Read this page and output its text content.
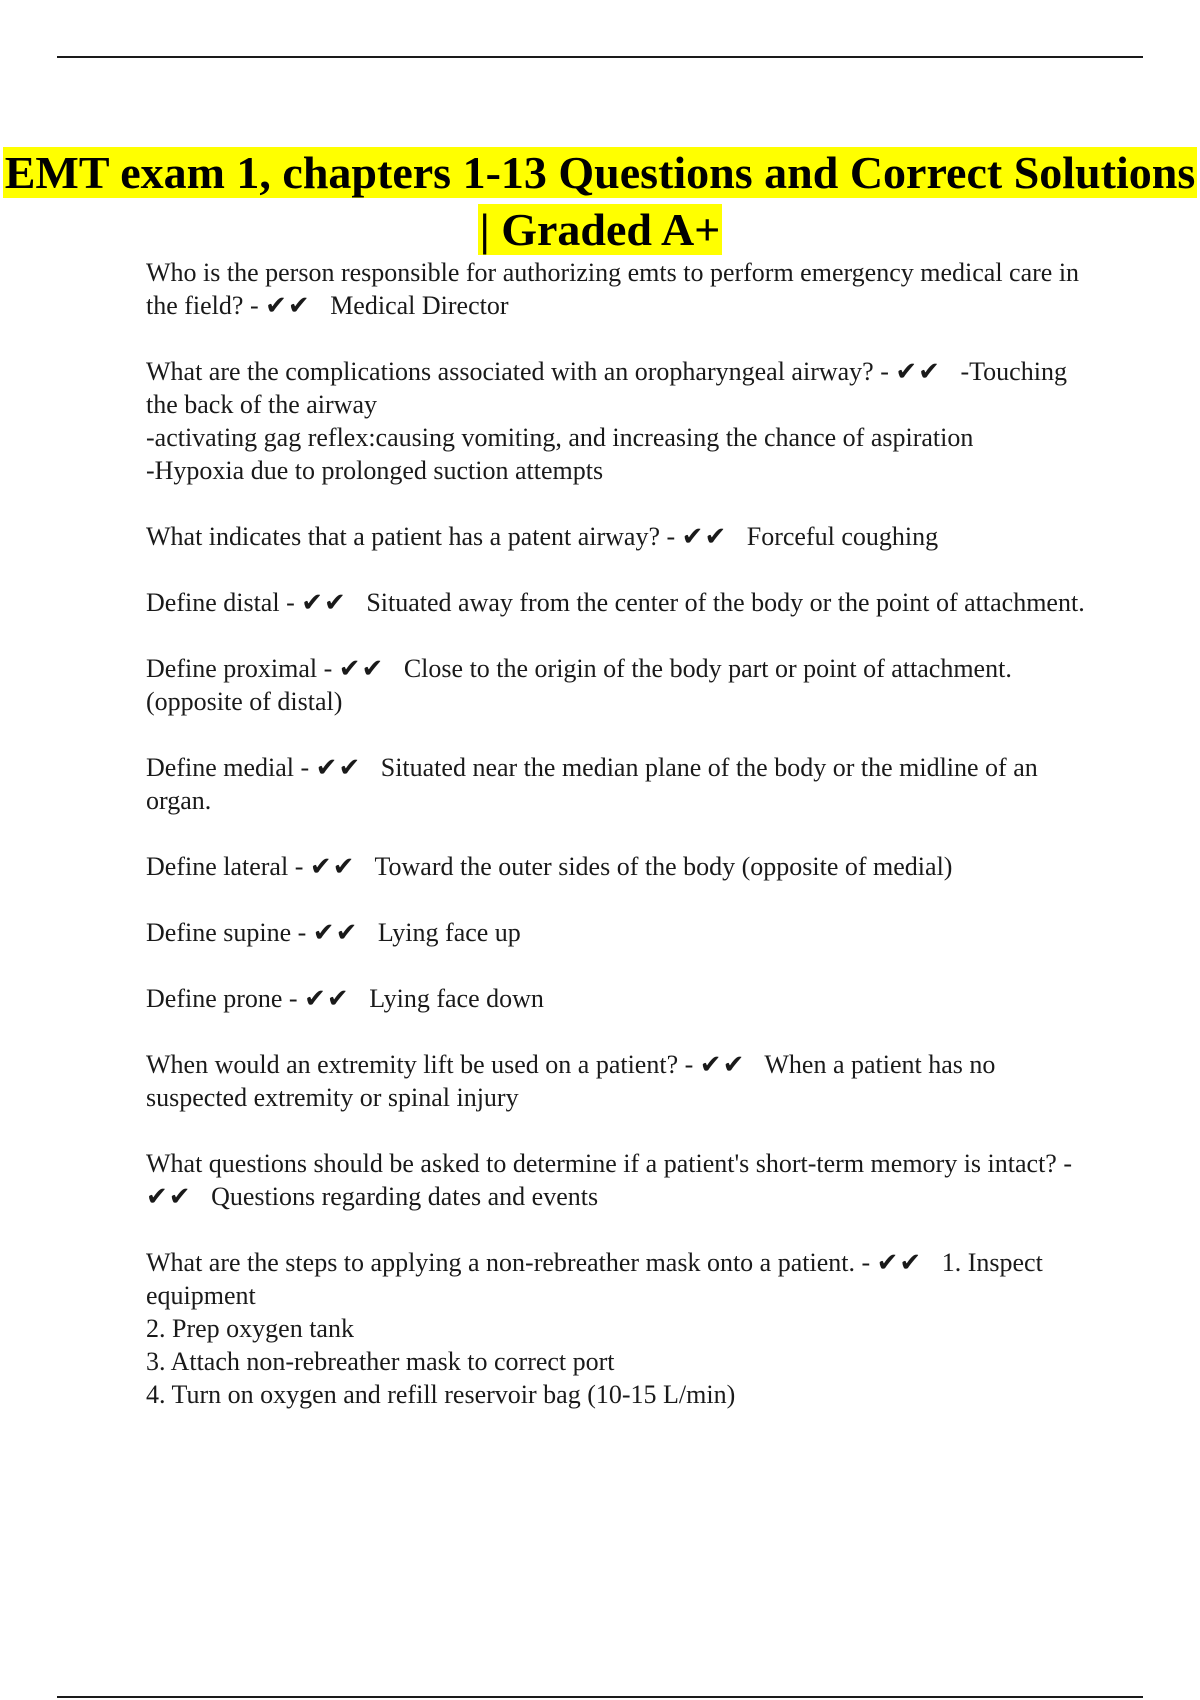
EMT exam 1, chapters 1-13 Questions and Correct Solutions | Graded A+
Who is the person responsible for authorizing emts to perform emergency medical care in the field? - ✔✔ Medical Director
What are the complications associated with an oropharyngeal airway? - ✔✔ -Touching the back of the airway
-activating gag reflex:causing vomiting, and increasing the chance of aspiration
-Hypoxia due to prolonged suction attempts
What indicates that a patient has a patent airway? - ✔✔ Forceful coughing
Define distal - ✔✔ Situated away from the center of the body or the point of attachment.
Define proximal - ✔✔ Close to the origin of the body part or point of attachment. (opposite of distal)
Define medial - ✔✔ Situated near the median plane of the body or the midline of an organ.
Define lateral - ✔✔ Toward the outer sides of the body (opposite of medial)
Define supine - ✔✔ Lying face up
Define prone - ✔✔ Lying face down
When would an extremity lift be used on a patient? - ✔✔ When a patient has no suspected extremity or spinal injury
What questions should be asked to determine if a patient's short-term memory is intact? - ✔✔ Questions regarding dates and events
What are the steps to applying a non-rebreather mask onto a patient. - ✔✔ 1. Inspect equipment
2. Prep oxygen tank
3. Attach non-rebreather mask to correct port
4. Turn on oxygen and refill reservoir bag (10-15 L/min)
